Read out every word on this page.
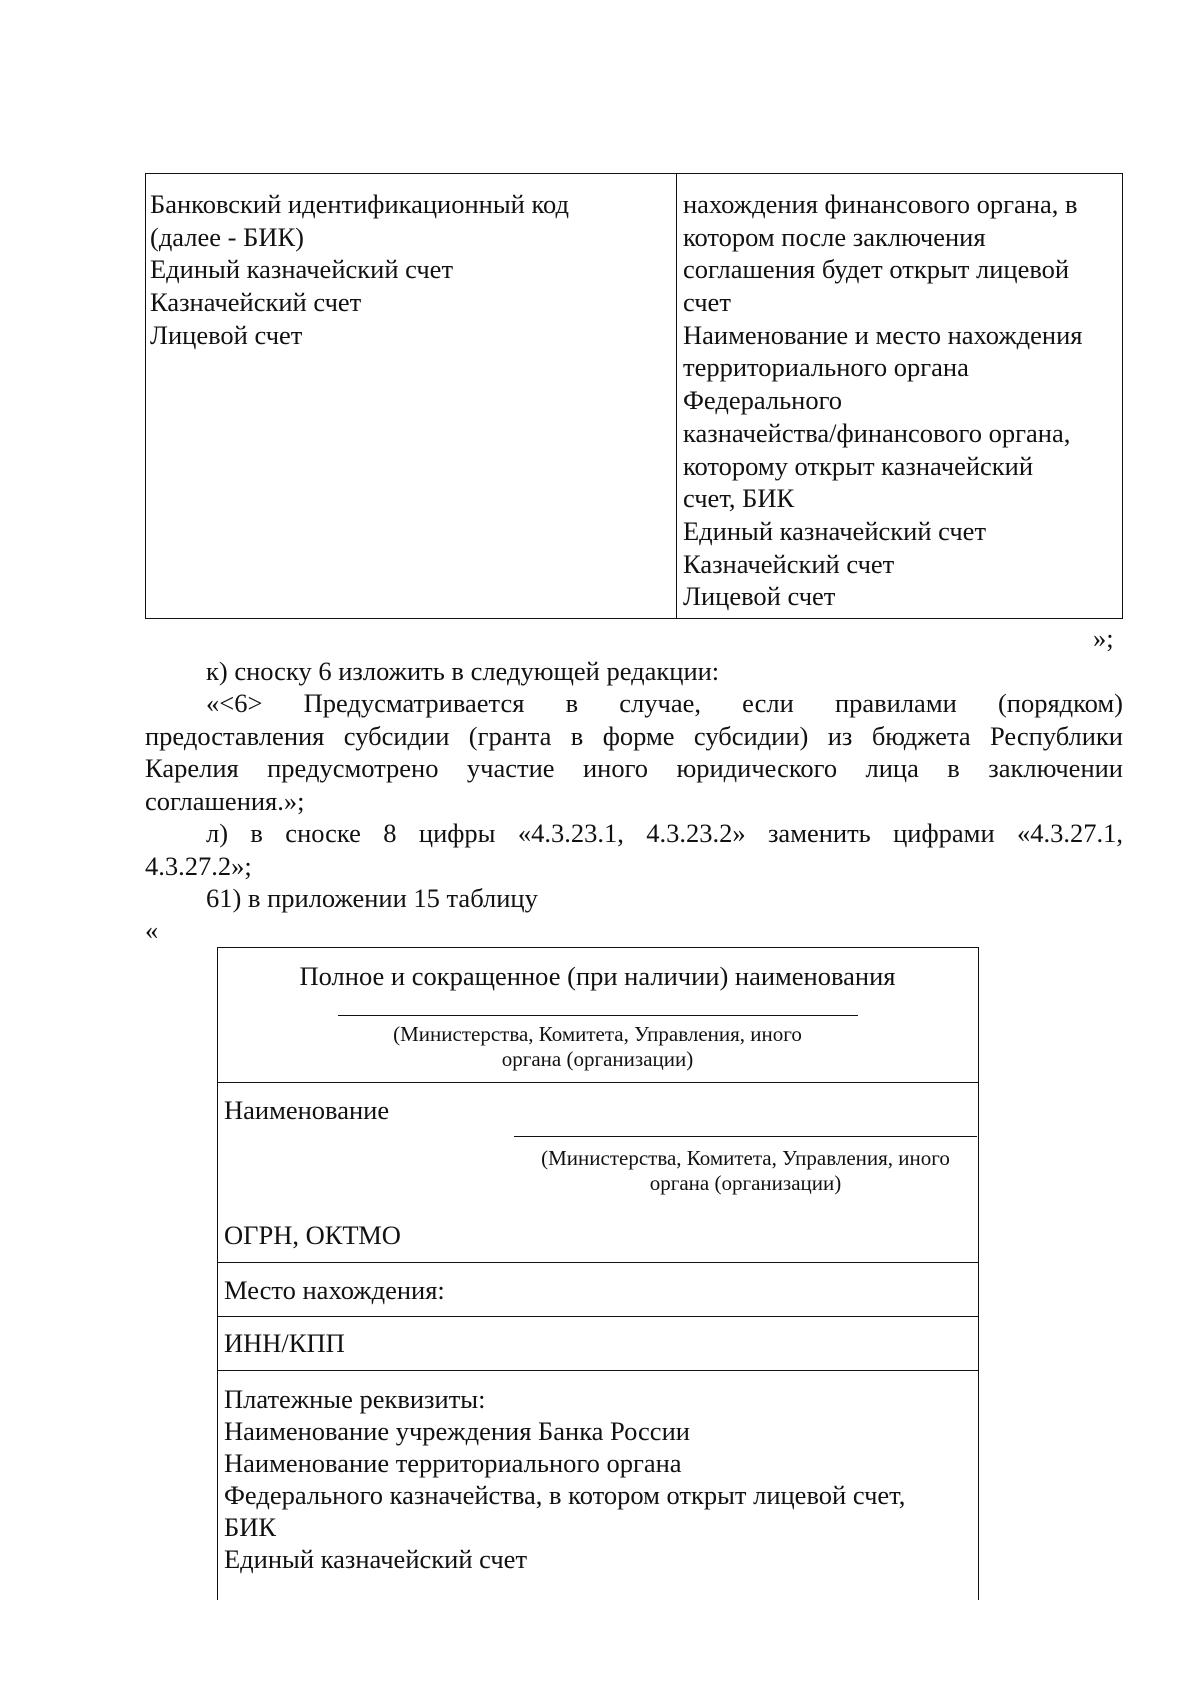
Банковский идентификационный код
(далее - БИК)
Единый казначейский счет
Казначейский счет
Лицевой счет
нахождения финансового органа, в
котором после заключения
соглашения будет открыт лицевой
счет
Наименование и место нахождения
территориального органа
Федерального
казначейства/финансового органа,
которому открыт казначейский
счет, БИК
Единый казначейский счет
Казначейский счет
Лицевой счет
»;
к) сноску 6 изложить в следующей редакции:
«<6> Предусматривается в случае, если правилами (порядком)
предоставления субсидии (гранта в форме субсидии) из бюджета Республики
Карелия предусмотрено участие иного юридического лица в заключении
соглашения.»;
л) в сноске 8 цифры «4.3.23.1, 4.3.23.2» заменить цифрами «4.3.27.1,
4.3.27.2»;
61) в приложении 15 таблицу
«
Полное и сокращенное (при наличии) наименования
(Министерства, Комитета, Управления, иного
органа (организации)
Наименование
(Министерства, Комитета, Управления, иного
органа (организации)
ОГРН, ОКТМО
Место нахождения:
ИНН/КПП
Платежные реквизиты:
Наименование учреждения Банка России
Наименование территориального органа
Федерального казначейства, в котором открыт лицевой счет,
БИК
Единый казначейский счет
